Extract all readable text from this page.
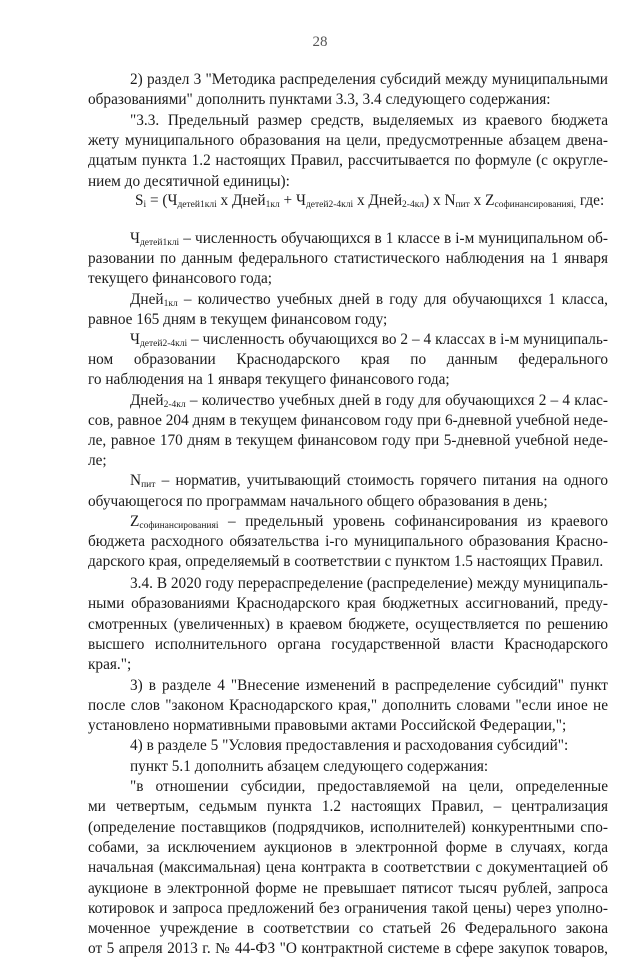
28
$S_i = (Ч_{детей1клi}$ х Дней$_{1кл}$ + $Ч_{детей2-4клi}$ х Дней$_{2-4кл}$) х $N_{пит}$ х $Z_{софинансированияi,}$ где:
2) раздел 3 "Методика распределения субсидий между муниципальными
образованиями" дополнить пунктами 3.3, 3.4 следующего содержания:
"3.3. Предельный размер средств, выделяемых из краевого бюджета
жету муниципального образования на цели, предусмотренные абзацем двена-
дцатым пункта 1.2 настоящих Правил, рассчитывается по формуле (с округле-
нием до десятичной единицы):
$Ч_{детей1клi}$ – численность обучающихся в 1 классе в i-м муниципальном об-
разовании по данным федерального статистического наблюдения на 1 января
текущего финансового года;
Дней$_{1кл}$ – количество учебных дней в году для обучающихся 1 класса,
равное 165 дням в текущем финансовом году;
$Ч_{детей2-4клi}$ – численность обучающихся во 2 – 4 классах в i-м муниципаль-
ном образовании Краснодарского края по данным федерального
го наблюдения на 1 января текущего финансового года;
Дней$_{2-4кл}$ – количество учебных дней в году для обучающихся 2 – 4 клас-
сов, равное 204 дням в текущем финансовом году при 6-дневной учебной неде-
ле, равное 170 дням в текущем финансовом году при 5-дневной учебной неде-
ле;
$N_{пит}$ – норматив, учитывающий стоимость горячего питания на одного
обучающегося по программам начального общего образования в день;
$Z_{софинансированияi}$ – предельный уровень софинансирования из краевого
бюджета расходного обязательства i-го муниципального образования Красно-
дарского края, определяемый в соответствии с пунктом 1.5 настоящих Правил.
3.4. В 2020 году перераспределение (распределение) между муниципаль-
ными образованиями Краснодарского края бюджетных ассигнований, преду-
смотренных (увеличенных) в краевом бюджете, осуществляется по решению
высшего исполнительного органа государственной власти Краснодарского
края.";
3) в разделе 4 "Внесение изменений в распределение субсидий" пункт
после слов "законом Краснодарского края," дополнить словами "если иное не
установлено нормативными правовыми актами Российской Федерации,";
4) в разделе 5 "Условия предоставления и расходования субсидий":
пункт 5.1 дополнить абзацем следующего содержания:
"в отношении субсидии, предоставляемой на цели, определенные
ми четвертым, седьмым пункта 1.2 настоящих Правил, – централизация
(определение поставщиков (подрядчиков, исполнителей) конкурентными спо-
собами, за исключением аукционов в электронной форме в случаях, когда
начальная (максимальная) цена контракта в соответствии с документацией об
аукционе в электронной форме не превышает пятисот тысяч рублей, запроса
котировок и запроса предложений без ограничения такой цены) через уполно-
моченное учреждение в соответствии со статьей 26 Федерального закона
от 5 апреля 2013 г. № 44-ФЗ "О контрактной системе в сфере закупок товаров,
